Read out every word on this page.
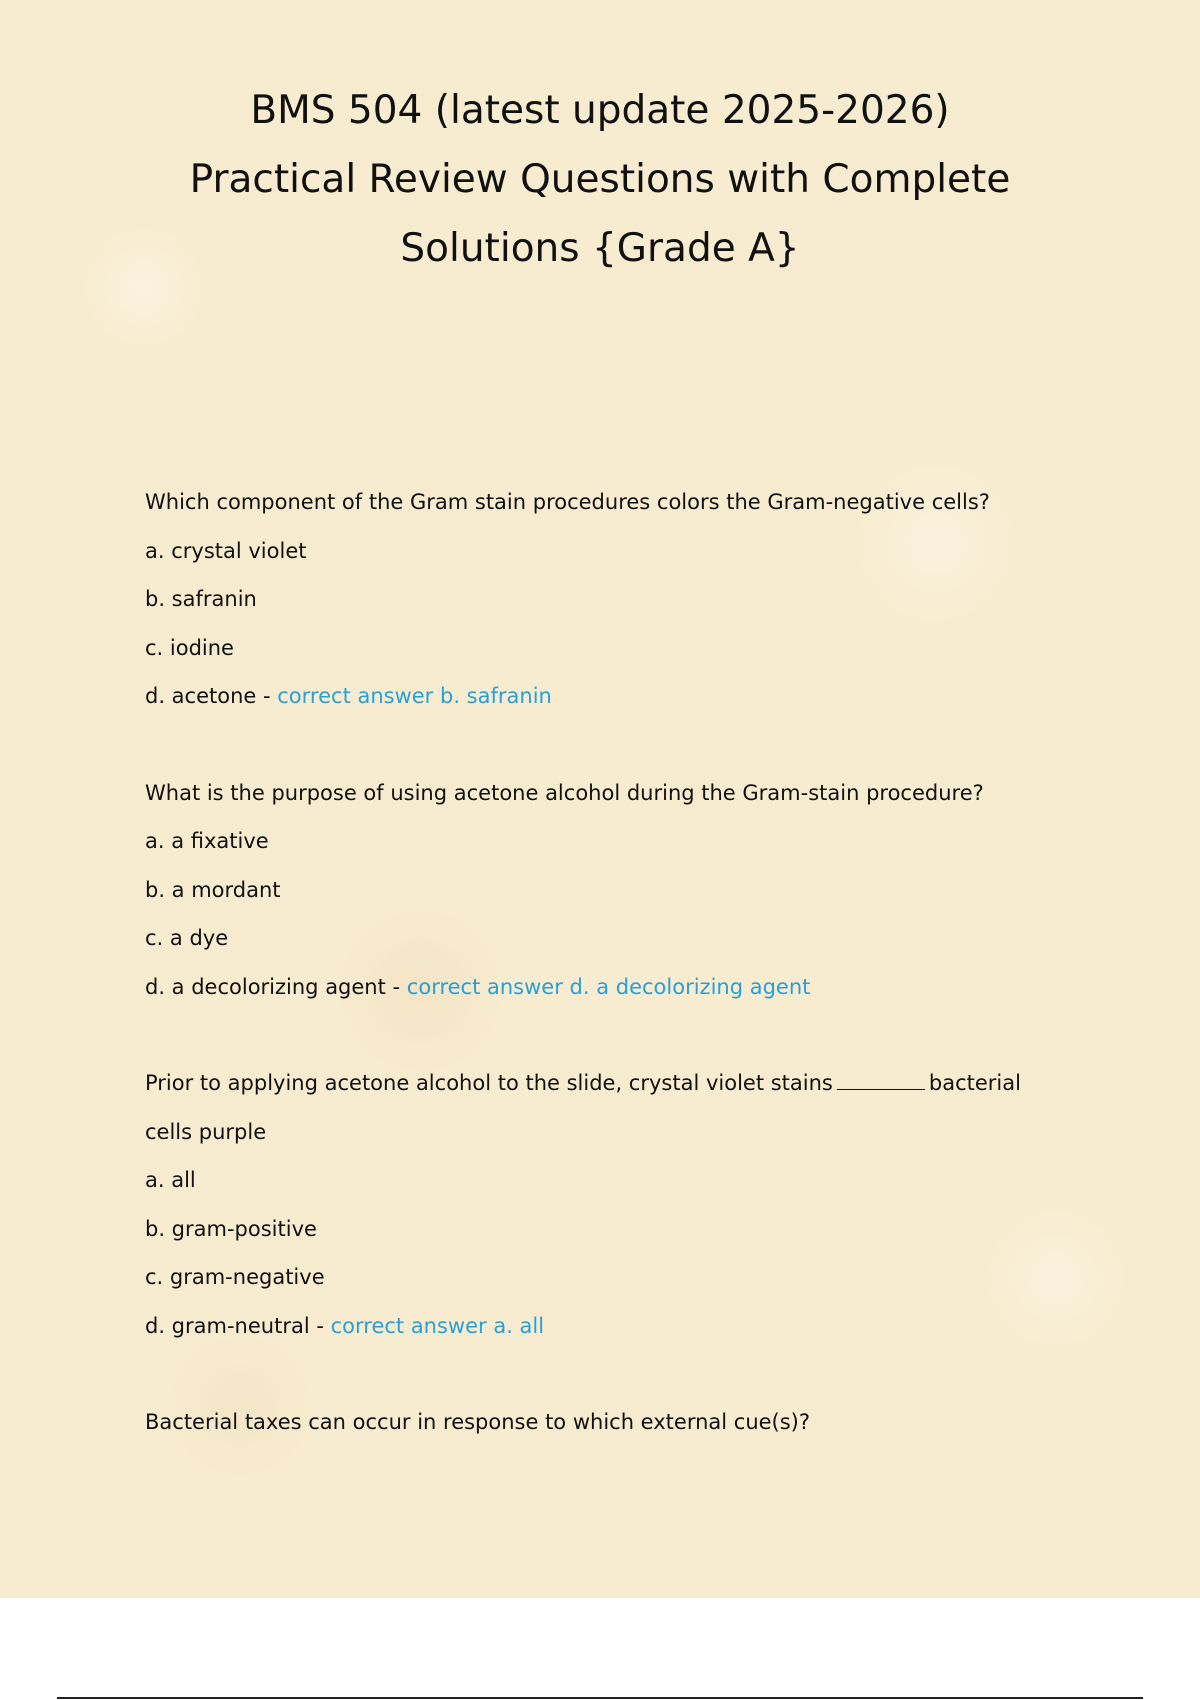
BMS 504 (latest update 2025-2026)
Practical Review Questions with Complete
Solutions {Grade A}
Which component of the Gram stain procedures colors the Gram-negative cells?
a. crystal violet
b. safranin
c. iodine
d. acetone - correct answer b. safranin
What is the purpose of using acetone alcohol during the Gram-stain procedure?
a. a fixative
b. a mordant
c. a dye
d. a decolorizing agent - correct answer d. a decolorizing agent
Prior to applying acetone alcohol to the slide, crystal violet stains	bacterial
cells purple
a. all
b. gram-positive
c. gram-negative
d. gram-neutral - correct answer a. all
Bacterial taxes can occur in response to which external cue(s)?
